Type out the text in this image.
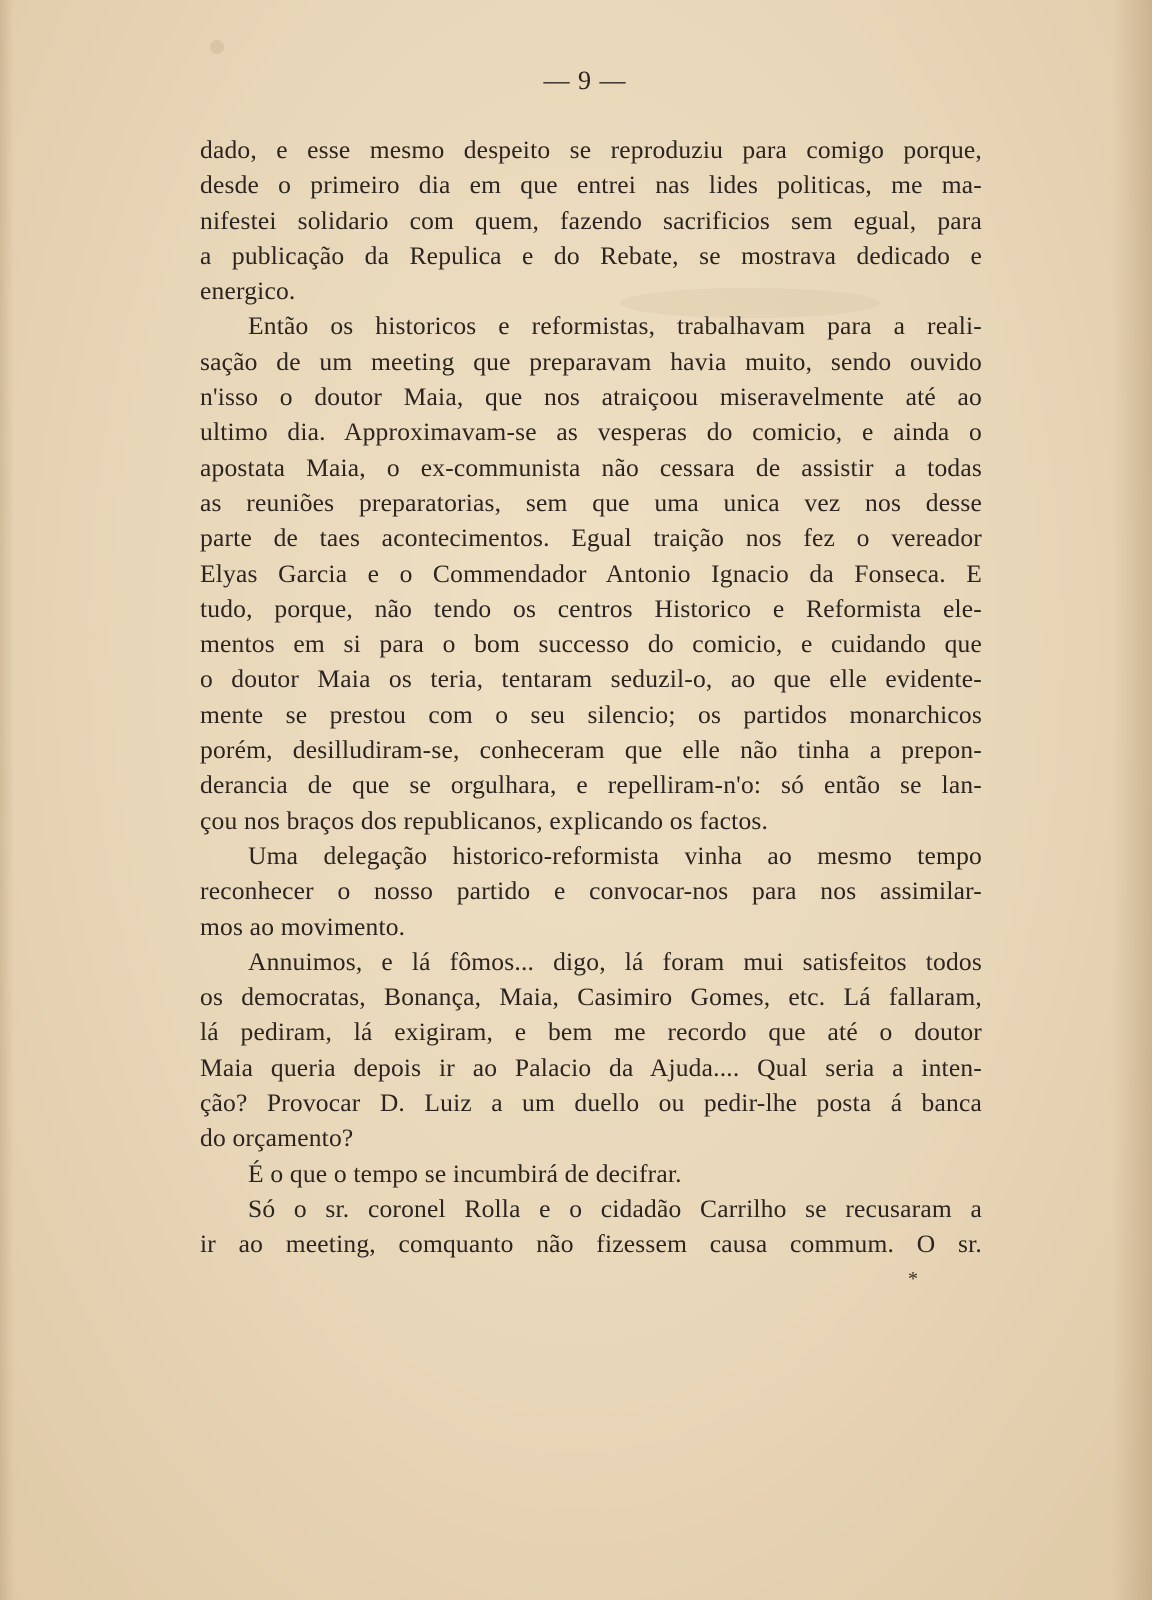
— 9 —
dado, e esse mesmo despeito se reproduziu para comigo porque,
desde o primeiro dia em que entrei nas lides politicas, me ma-
nifestei solidario com quem, fazendo sacrificios sem egual, para
a publicação da Repulica e do Rebate, se mostrava dedicado e
energico.
Então os historicos e reformistas, trabalhavam para a reali-
sação de um meeting que preparavam havia muito, sendo ouvido
n'isso o doutor Maia, que nos atraiçoou miseravelmente até ao
ultimo dia. Approximavam-se as vesperas do comicio, e ainda o
apostata Maia, o ex-communista não cessara de assistir a todas
as reuniões preparatorias, sem que uma unica vez nos desse
parte de taes acontecimentos. Egual traição nos fez o vereador
Elyas Garcia e o Commendador Antonio Ignacio da Fonseca. E
tudo, porque, não tendo os centros Historico e Reformista ele-
mentos em si para o bom successo do comicio, e cuidando que
o doutor Maia os teria, tentaram seduzil-o, ao que elle evidente-
mente se prestou com o seu silencio; os partidos monarchicos
porém, desilludiram-se, conheceram que elle não tinha a prepon-
derancia de que se orgulhara, e repelliram-n'o: só então se lan-
çou nos braços dos republicanos, explicando os factos.
Uma delegação historico-reformista vinha ao mesmo tempo
reconhecer o nosso partido e convocar-nos para nos assimilar-
mos ao movimento.
Annuimos, e lá fômos... digo, lá foram mui satisfeitos todos
os democratas, Bonança, Maia, Casimiro Gomes, etc. Lá fallaram,
lá pediram, lá exigiram, e bem me recordo que até o doutor
Maia queria depois ir ao Palacio da Ajuda.... Qual seria a inten-
ção? Provocar D. Luiz a um duello ou pedir-lhe posta á banca
do orçamento?
É o que o tempo se incumbirá de decifrar.
Só o sr. coronel Rolla e o cidadão Carrilho se recusaram a
ir ao meeting, comquanto não fizessem causa commum. O sr.
*
